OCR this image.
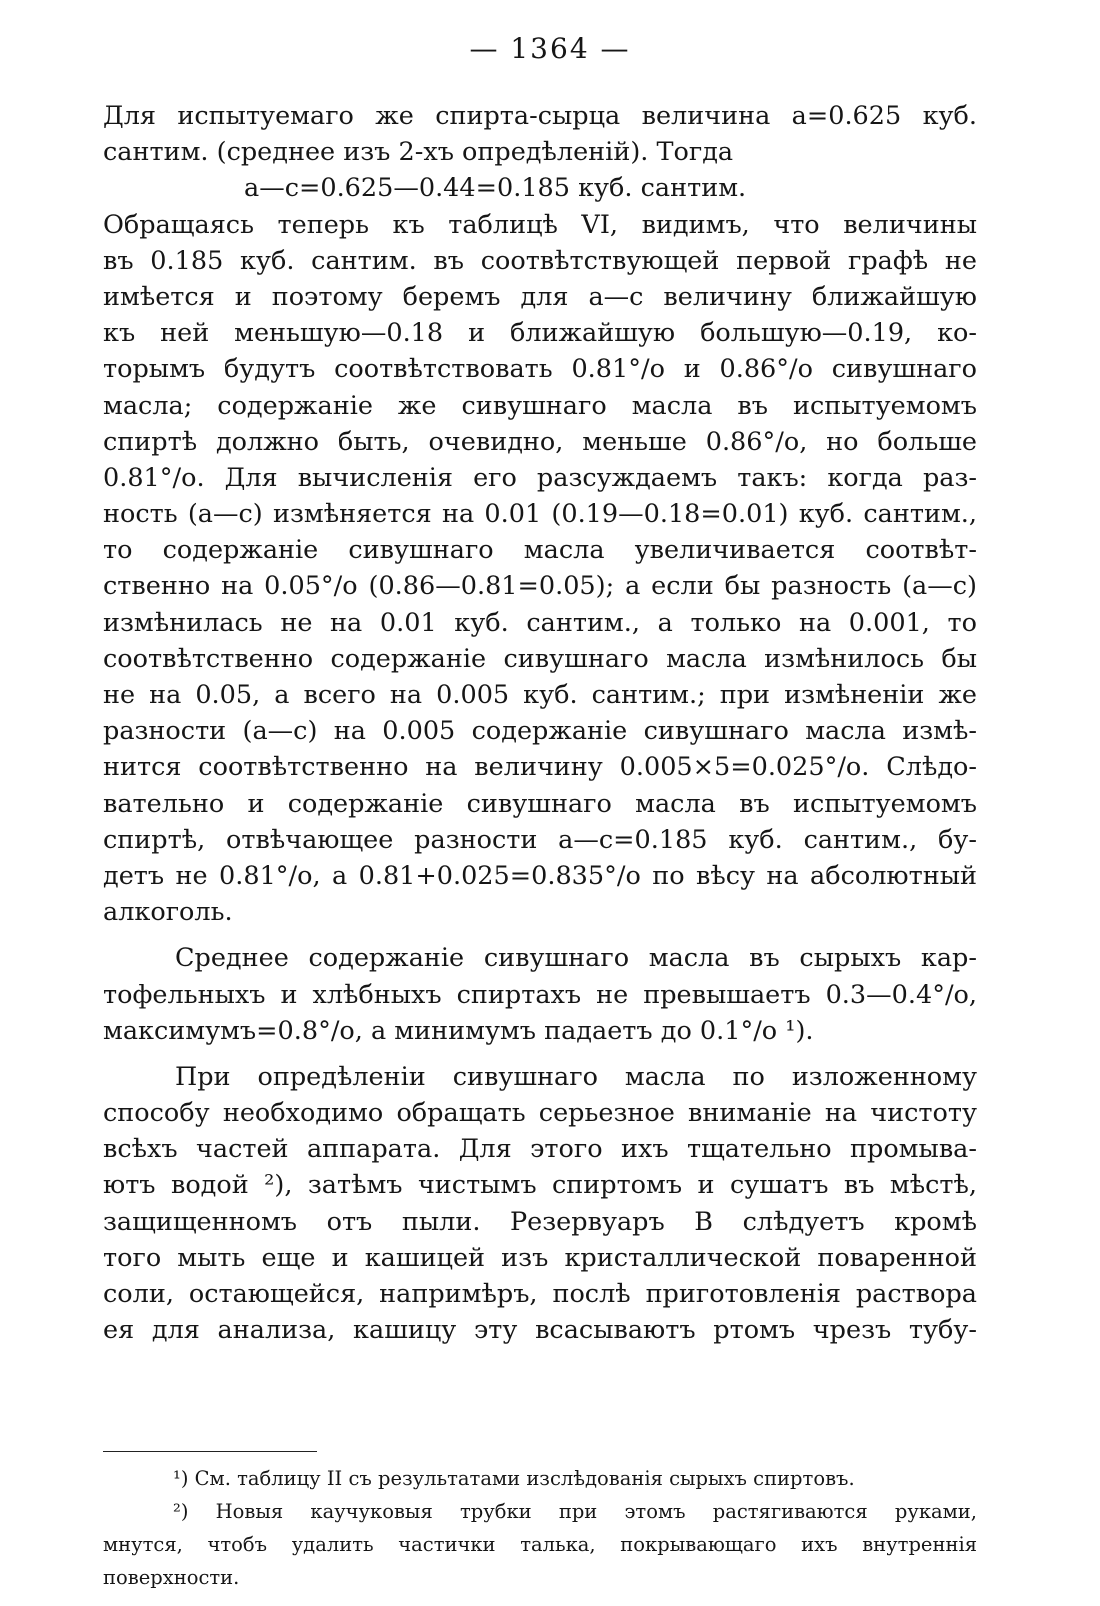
— 1364 —
Для испытуемаго же спирта-сырца величина a=0.625 куб.
сантим. (среднее изъ 2-хъ опредѣленій). Тогда
а—с=0.625—0.44=0.185 куб. сантим.
Обращаясь теперь къ таблицѣ VI, видимъ, что величины
въ 0.185 куб. сантим. въ соотвѣтствующей первой графѣ не
имѣется и поэтому беремъ для а—с величину ближайшую
къ ней меньшую—0.18 и ближайшую большую—0.19, ко-
торымъ будутъ соотвѣтствовать 0.81°/о и 0.86°/о сивушнаго
масла; содержаніе же сивушнаго масла въ испытуемомъ
спиртѣ должно быть, очевидно, меньше 0.86°/о, но больше
0.81°/о. Для вычисленія его разсуждаемъ такъ: когда раз-
ность (а—с) измѣняется на 0.01 (0.19—0.18=0.01) куб. сантим.,
то содержаніе сивушнаго масла увеличивается соотвѣт-
ственно на 0.05°/о (0.86—0.81=0.05); а если бы разность (а—с)
измѣнилась не на 0.01 куб. сантим., а только на 0.001, то
соотвѣтственно содержаніе сивушнаго масла измѣнилось бы
не на 0.05, а всего на 0.005 куб. сантим.; при измѣненіи же
разности (а—с) на 0.005 содержаніе сивушнаго масла измѣ-
нится соотвѣтственно на величину 0.005×5=0.025°/о. Слѣдо-
вательно и содержаніе сивушнаго масла въ испытуемомъ
спиртѣ, отвѣчающее разности а—с=0.185 куб. сантим., бу-
детъ не 0.81°/о, а 0.81+0.025=0.835°/о по вѣсу на абсолютный
алкоголь.
Среднее содержаніе сивушнаго масла въ сырыхъ кар-
тофельныхъ и хлѣбныхъ спиртахъ не превышаетъ 0.3—0.4°/о,
максимумъ=0.8°/о, а минимумъ падаетъ до 0.1°/о ¹).
При опредѣленіи сивушнаго масла по изложенному
способу необходимо обращать серьезное вниманіе на чистоту
всѣхъ частей аппарата. Для этого ихъ тщательно промыва-
ютъ водой ²), затѣмъ чистымъ спиртомъ и сушатъ въ мѣстѣ,
защищенномъ отъ пыли. Резервуаръ В слѣдуетъ кромѣ
того мыть еще и кашицей изъ кристаллической поваренной
соли, остающейся, напримѣръ, послѣ приготовленія раствора
ея для анализа, кашицу эту всасываютъ ртомъ чрезъ тубу-
¹) См. таблицу II съ результатами изслѣдованія сырыхъ спиртовъ.
²) Новыя каучуковыя трубки при этомъ растягиваются руками,
мнутся, чтобъ удалить частички талька, покрывающаго ихъ внутреннія
поверхности.
